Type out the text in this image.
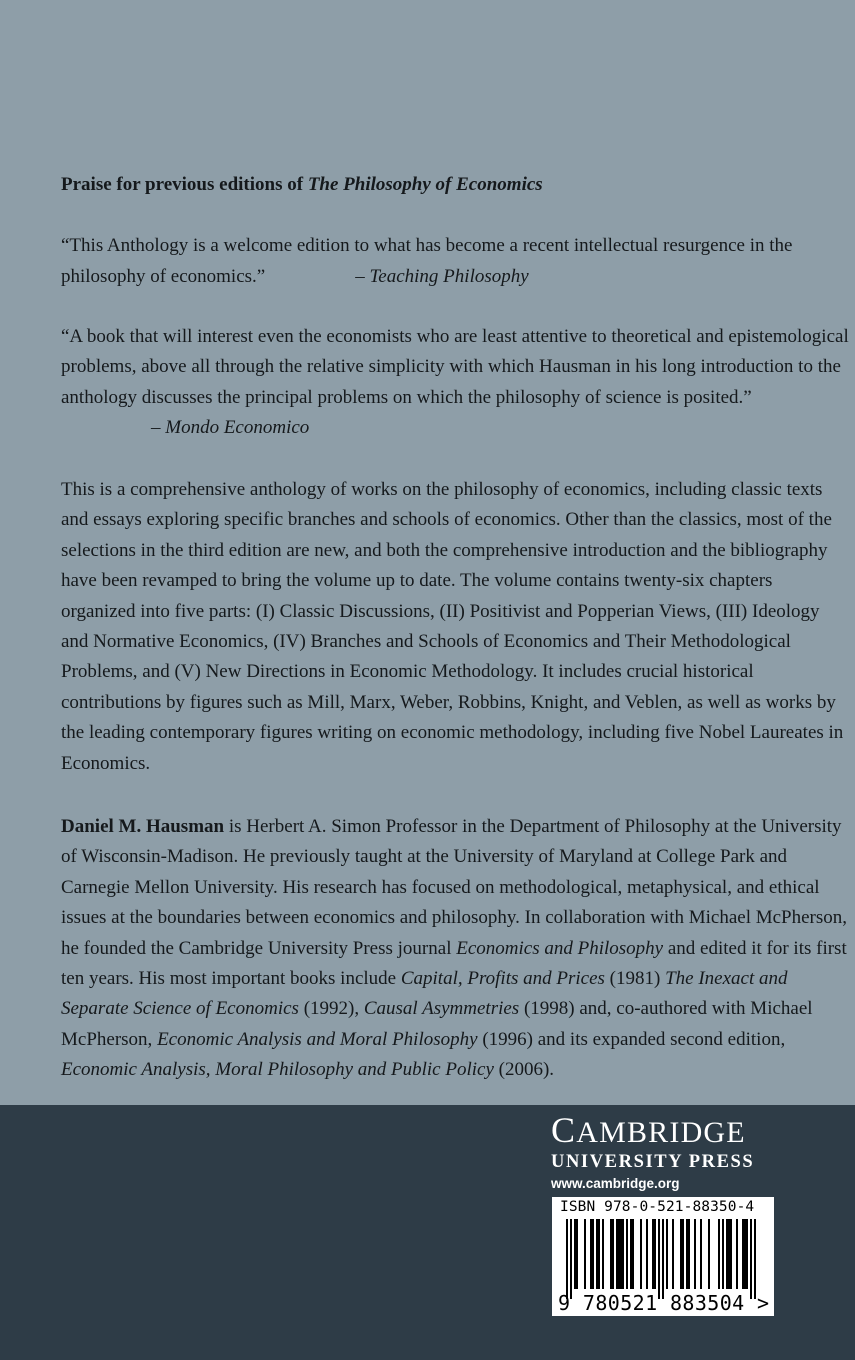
Praise for previous editions of The Philosophy of Economics

“This Anthology is a welcome edition to what has become a recent intellectual resurgence in the philosophy of economics.”	– Teaching Philosophy

“A book that will interest even the economists who are least attentive to theoretical and epistemological problems, above all through the relative simplicity with which Hausman in his long introduction to the anthology discusses the principal problems on which the philosophy of science is posited.”– Mondo Economico

This is a comprehensive anthology of works on the philosophy of economics, including classic texts and essays exploring specific branches and schools of economics. Other than the classics, most of the selections in the third edition are new, and both the comprehensive introduction and the bibliography have been revamped to bring the volume up to date. The volume contains twenty-six chapters organized into five parts: (I) Classic Discussions, (II) Positivist and Popperian Views, (III) Ideology and Normative Economics, (IV) Branches and Schools of Economics and Their Methodological Problems, and (V) New Directions in Economic Methodology. It includes crucial historical contributions by figures such as Mill, Marx, Weber, Robbins, Knight, and Veblen, as well as works by the leading contemporary figures writing on economic methodology, including five Nobel Laureates in Economics.

Daniel M. Hausman is Herbert A. Simon Professor in the Department of Philosophy at the University of Wisconsin-Madison. He previously taught at the University of Maryland at College Park and Carnegie Mellon University. His research has focused on methodological, metaphysical, and ethical issues at the boundaries between economics and philosophy. In collaboration with Michael McPherson, he founded the Cambridge University Press journal Economics and Philosophy and edited it for its first ten years. His most important books include Capital, Profits and Prices (1981) The Inexact and Separate Science of Economics (1992), Causal Asymmetries (1998) and, co-authored with Michael McPherson, Economic Analysis and Moral Philosophy (1996) and its expanded second edition, Economic Analysis, Moral Philosophy and Public Policy (2006).

CAMBRIDGE
UNIVERSITY PRESS
www.cambridge.org
ISBN 978-0-521-88350-4
9 780521 883504 >
